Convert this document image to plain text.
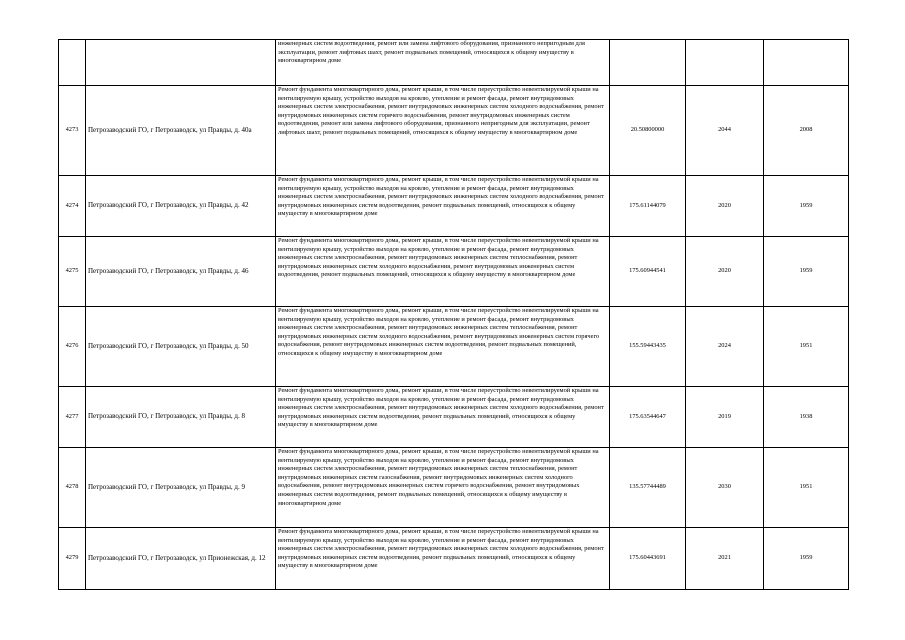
		инженерных систем водоотведения, ремонт или замена лифтового оборудования, признанного непригодным для эксплуатации, ремонт лифтовых шахт, ремонт подвальных помещений, относящихся к общему имуществу в многоквартирном доме			
4273	Петрозаводский ГО, г Петрозаводск, ул Правды, д. 40а	Ремонт фундамента многоквартирного дома, ремонт крыши, в том числе переустройство невентилируемой крыши на вентилируемую крышу, устройство выходов на кровлю, утепление и ремонт фасада, ремонт внутридомовых инженерных систем электроснабжения, ремонт внутридомовых инженерных систем холодного водоснабжения, ремонт внутридомовых инженерных систем горячего водоснабжения, ремонт внутридомовых инженерных систем водоотведения, ремонт или замена лифтового оборудования, признанного непригодным для эксплуатации, ремонт лифтовых шахт, ремонт подвальных помещений, относящихся к общему имуществу в многоквартирном доме	20.50800000	2044	2008
4274	Петрозаводский ГО, г Петрозаводск, ул Правды, д. 42	Ремонт фундамента многоквартирного дома, ремонт крыши, в том числе переустройство невентилируемой крыши на вентилируемую крышу, устройство выходов на кровлю, утепление и ремонт фасада, ремонт внутридомовых инженерных систем электроснабжения, ремонт внутридомовых инженерных систем холодного водоснабжения, ремонт внутридомовых инженерных систем водоотведения, ремонт подвальных помещений, относящихся к общему имуществу в многоквартирном доме	175.61144079	2020	1959
4275	Петрозаводский ГО, г Петрозаводск, ул Правды, д. 46	Ремонт фундамента многоквартирного дома, ремонт крыши, в том числе переустройство невентилируемой крыши на вентилируемую крышу, устройство выходов на кровлю, утепление и ремонт фасада, ремонт внутридомовых инженерных систем электроснабжения, ремонт внутридомовых инженерных систем теплоснабжения, ремонт внутридомовых инженерных систем холодного водоснабжения, ремонт внутридомовых инженерных систем водоотведения, ремонт подвальных помещений, относящихся к общему имуществу в многоквартирном доме	175.60944541	2020	1959
4276	Петрозаводский ГО, г Петрозаводск, ул Правды, д. 50	Ремонт фундамента многоквартирного дома, ремонт крыши, в том числе переустройство невентилируемой крыши на вентилируемую крышу, устройство выходов на кровлю, утепление и ремонт фасада, ремонт внутридомовых инженерных систем электроснабжения, ремонт внутридомовых инженерных систем теплоснабжения, ремонт внутридомовых инженерных систем холодного водоснабжения, ремонт внутридомовых инженерных систем горячего водоснабжения, ремонт внутридомовых инженерных систем водоотведения, ремонт подвальных помещений, относящихся к общему имуществу в многоквартирном доме	155.59443435	2024	1951
4277	Петрозаводский ГО, г Петрозаводск, ул Правды, д. 8	Ремонт фундамента многоквартирного дома, ремонт крыши, в том числе переустройство невентилируемой крыши на вентилируемую крышу, устройство выходов на кровлю, утепление и ремонт фасада, ремонт внутридомовых инженерных систем электроснабжения, ремонт внутридомовых инженерных систем холодного водоснабжения, ремонт внутридомовых инженерных систем водоотведения, ремонт подвальных помещений, относящихся к общему имуществу в многоквартирном доме	175.63544647	2019	1938
4278	Петрозаводский ГО, г Петрозаводск, ул Правды, д. 9	Ремонт фундамента многоквартирного дома, ремонт крыши, в том числе переустройство невентилируемой крыши на вентилируемую крышу, устройство выходов на кровлю, утепление и ремонт фасада, ремонт внутридомовых инженерных систем электроснабжения, ремонт внутридомовых инженерных систем теплоснабжения, ремонт внутридомовых инженерных систем газоснабжения, ремонт внутридомовых инженерных систем холодного водоснабжения, ремонт внутридомовых инженерных систем горячего водоснабжения, ремонт внутридомовых инженерных систем водоотведения, ремонт подвальных помещений, относящихся к общему имуществу в многоквартирном доме	135.57744489	2030	1951
4279	Петрозаводский ГО, г Петрозаводск, ул Прионежская, д. 12	Ремонт фундамента многоквартирного дома, ремонт крыши, в том числе переустройство невентилируемой крыши на вентилируемую крышу, устройство выходов на кровлю, утепление и ремонт фасада, ремонт внутридомовых инженерных систем электроснабжения, ремонт внутридомовых инженерных систем холодного водоснабжения, ремонт внутридомовых инженерных систем водоотведения, ремонт подвальных помещений, относящихся к общему имуществу в многоквартирном доме	175.60443691	2021	1959
